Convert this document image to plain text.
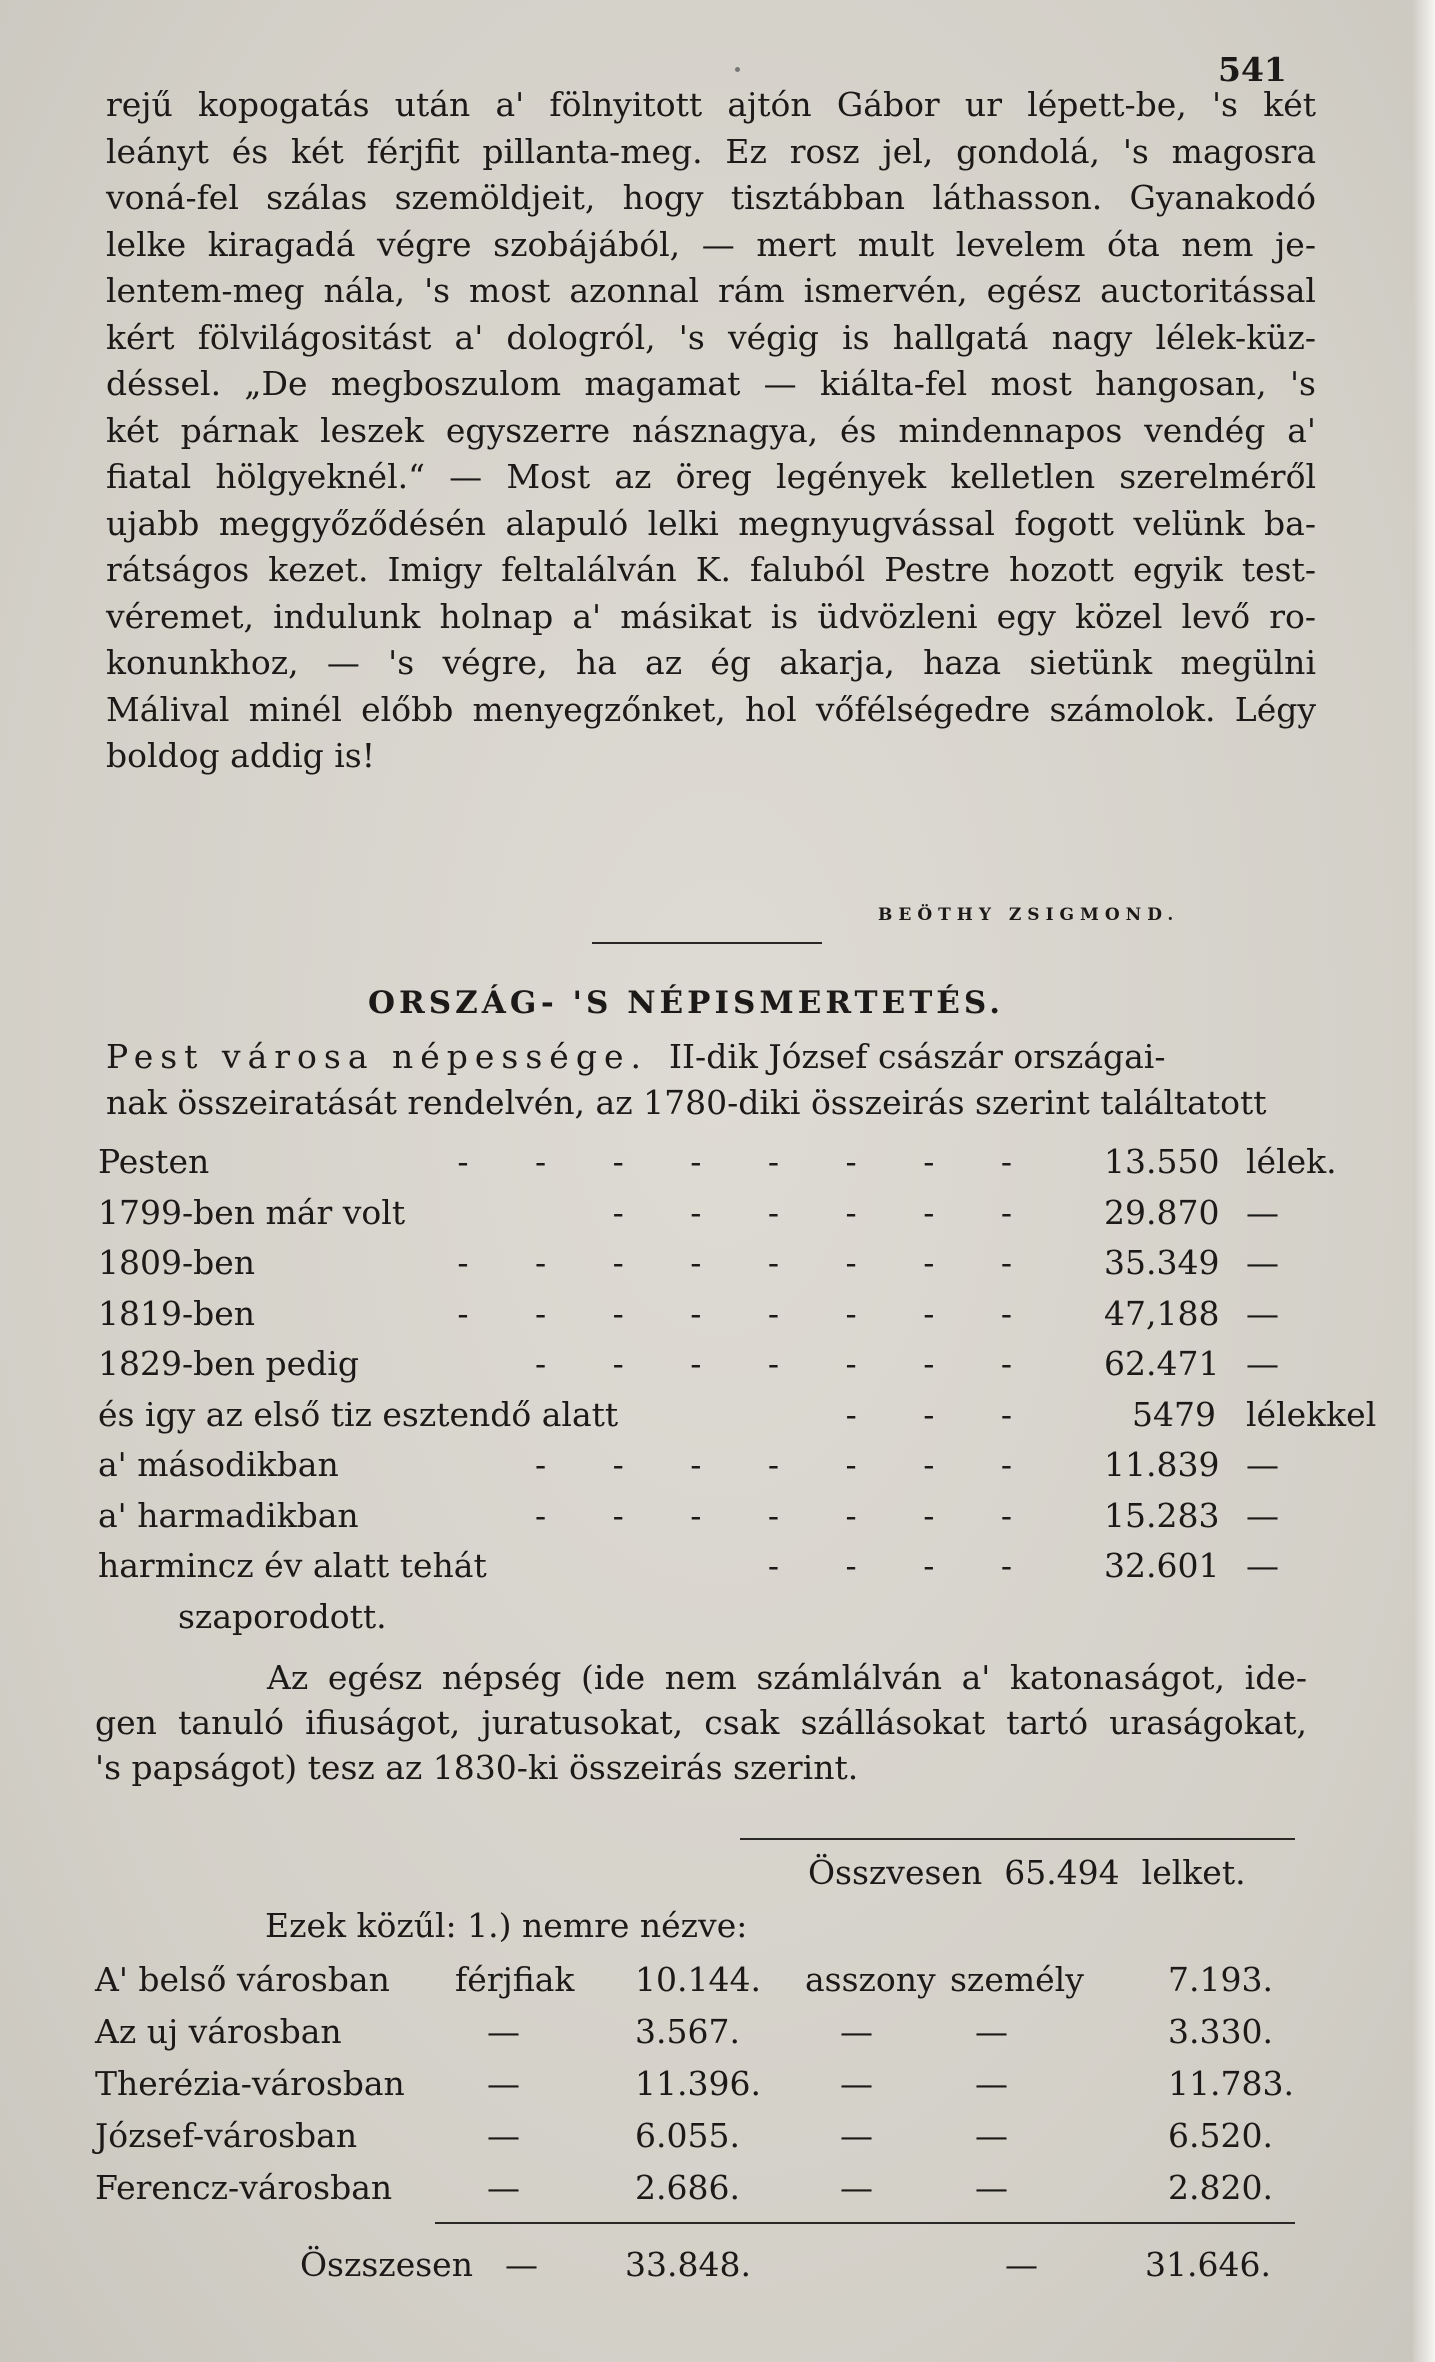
541
rejű kopogatás után a' fölnyitott ajtón Gábor ur lépett-be, 's két
leányt és két férjfit pillanta-meg. Ez rosz jel, gondolá, 's magosra
voná-fel szálas szemöldjeit, hogy tisztábban láthasson. Gyanakodó
lelke kiragadá végre szobájából, — mert mult levelem óta nem je-
lentem-meg nála, 's most azonnal rám ismervén, egész auctoritással
kért fölvilágositást a' dologról, 's végig is hallgatá nagy lélek-küz-
déssel. „De megboszulom magamat — kiálta-fel most hangosan, 's
két párnak leszek egyszerre násznagya, és mindennapos vendég a'
fiatal hölgyeknél.“ — Most az öreg legények kelletlen szerelméről
ujabb meggyőződésén alapuló lelki megnyugvással fogott velünk ba-
rátságos kezet. Imigy feltalálván K. faluból Pestre hozott egyik test-
véremet, indulunk holnap a' másikat is üdvözleni egy közel levő ro-
konunkhoz, — 's végre, ha az ég akarja, haza sietünk megülni
Málival minél előbb menyegzőnket, hol vőfélségedre számolok. Légy
boldog addig is!
BEÖTHY ZSIGMOND.
ORSZÁG- 'S NÉPISMERTETÉS.
Pest városa népessége. II-dik József császár országai-
nak összeiratását rendelvén, az 1780-diki összeirás szerint találtatott
Pesten	- - - - - - - - 13.550 lélek.
1799-ben már volt	- - - - - - 29.870 —
1809-ben	- - - - - - - - 35.349 —
1819-ben	- - - - - - - - 47,188 —
1829-ben pedig	- - - - - - - 62.471 —
és igy az első tiz esztendő alatt	- - -	5479 lélekkel
a' másodikban	- - - - - - - 11.839 —
a' harmadikban	- - - - - - - 15.283 —
harmincz év alatt tehát	- - - - 32.601 —
szaporodott.
Az egész népség (ide nem számlálván a' katonaságot, ide-
gen tanuló ifiuságot, juratusokat, csak szállásokat tartó uraságokat,
's papságot) tesz az 1830-ki összeirás szerint.
Összvesen 65.494 lelket.
Ezek közűl: 1.) nemre nézve:
A' belső városban férjfiak 10.144. asszony személy	7.193.
Az uj városban	—	3.567.	—	—	3.330.
Therézia-városban —	11.396. —	—	11.783.
József-városban	—	6.055.	—	—	6.520.
Ferencz-városban	—	2.686.	—	—	2.820.
Öszszesen —	33.848.	—	31.646.
